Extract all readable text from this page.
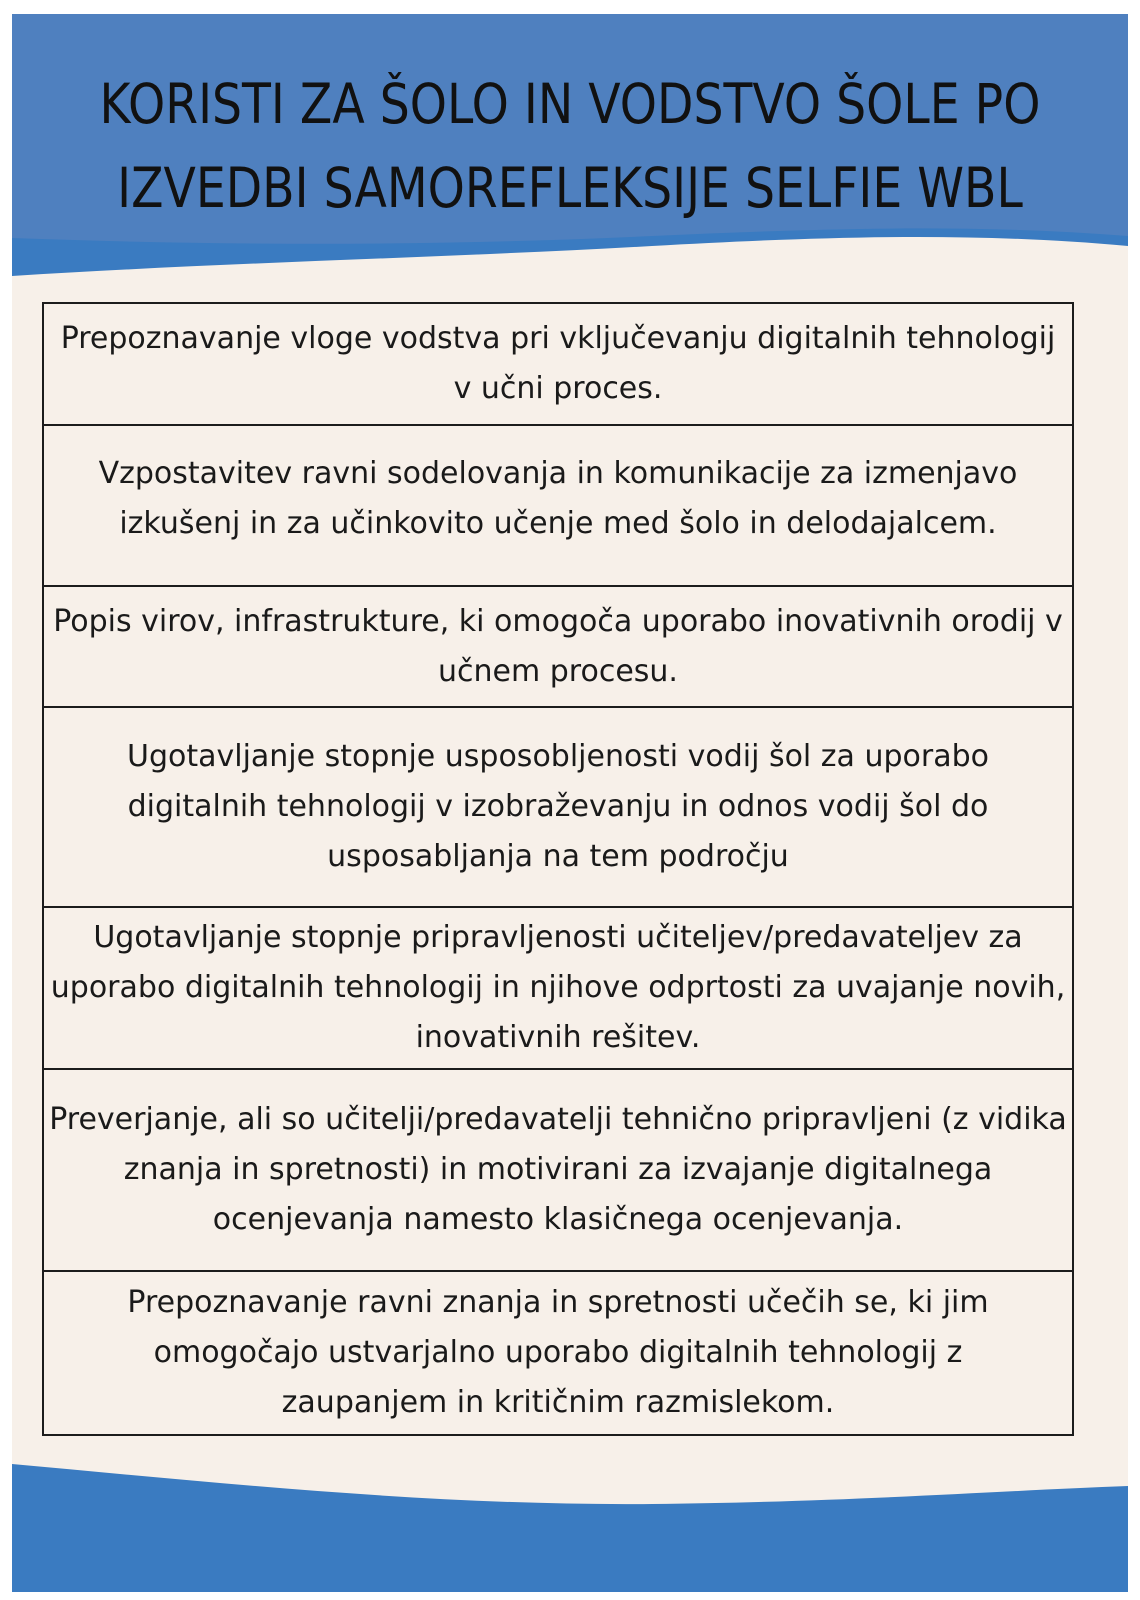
KORISTI ZA ŠOLO IN VODSTVO ŠOLE PO
IZVEDBI SAMOREFLEKSIJE SELFIE WBL

Prepoznavanje vloge vodstva pri vključevanju digitalnih tehnologij v učni proces.

Vzpostavitev ravni sodelovanja in komunikacije za izmenjavo izkušenj in za učinkovito učenje med šolo in delodajalcem.

Popis virov, infrastrukture, ki omogoča uporabo inovativnih orodij v učnem procesu.

Ugotavljanje stopnje usposobljenosti vodij šol za uporabo digitalnih tehnologij v izobraževanju in odnos vodij šol do usposabljanja na tem področju

Ugotavljanje stopnje pripravljenosti učiteljev/predavateljev za uporabo digitalnih tehnologij in njihove odprtosti za uvajanje novih, inovativnih rešitev.

Preverjanje, ali so učitelji/predavatelji tehnično pripravljeni (z vidika znanja in spretnosti) in motivirani za izvajanje digitalnega ocenjevanja namesto klasičnega ocenjevanja.

Prepoznavanje ravni znanja in spretnosti učečih se, ki jim omogočajo ustvarjalno uporabo digitalnih tehnologij z zaupanjem in kritičnim razmislekom.
